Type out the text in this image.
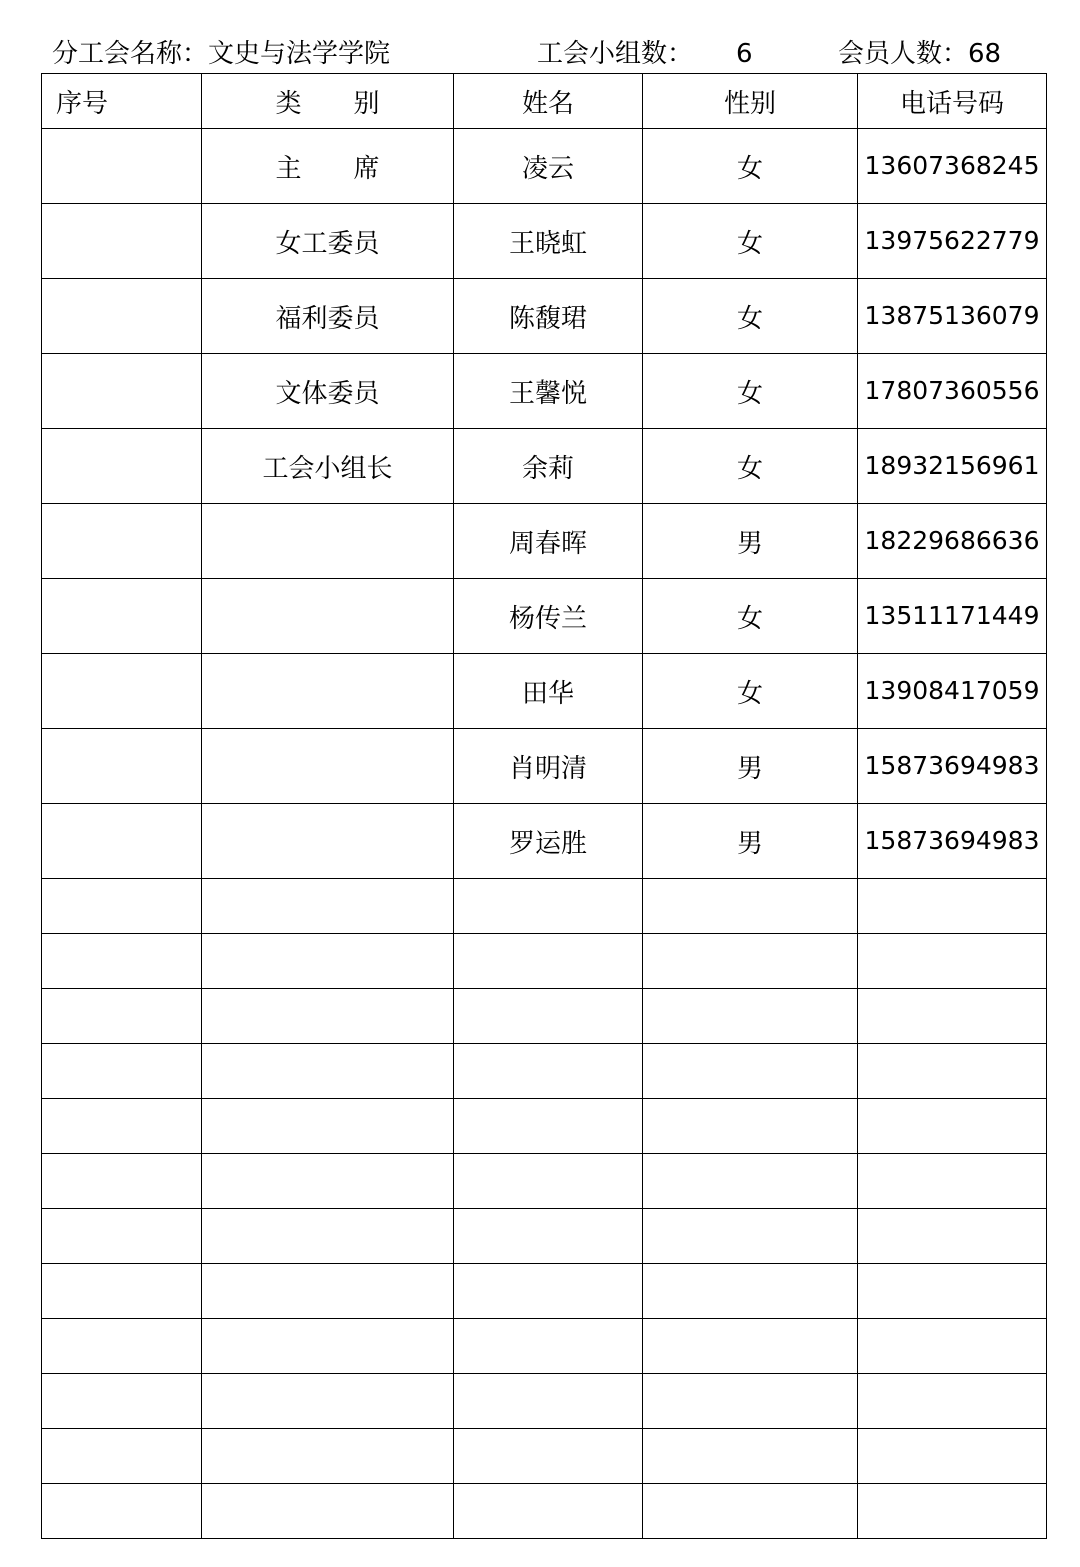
分工会名称：文史与法学学院	工会小组数： 6	会员人数：68
序号	类　　别	姓名	性别	电话号码
	主　　席	凌云	女	13607368245
	女工委员	王晓虹	女	13975622779
	福利委员	陈馥珺	女	13875136079
	文体委员	王馨悦	女	17807360556
	工会小组长	余莉	女	18932156961
		周春晖	男	18229686636
		杨传兰	女	13511171449
		田华	女	13908417059
		肖明清	男	15873694983
		罗运胜	男	15873694983
